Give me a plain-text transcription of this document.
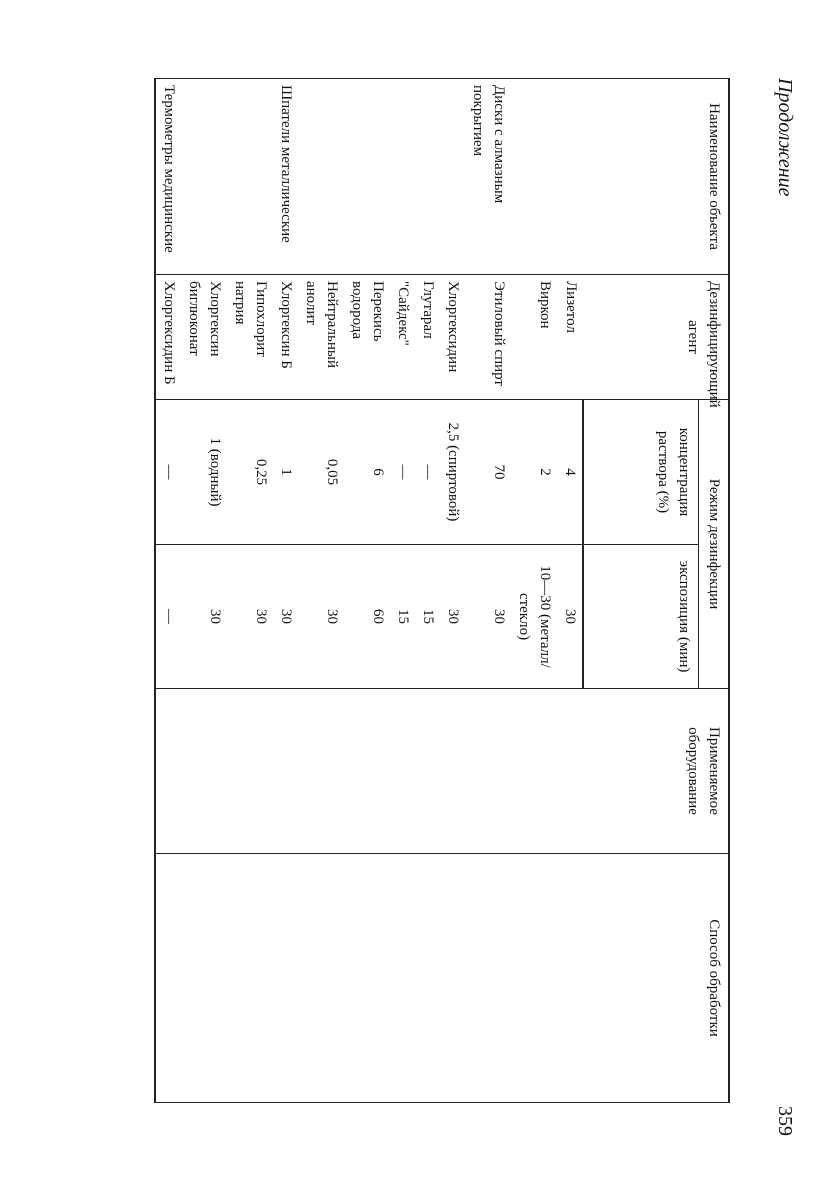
Продолжение
359
Наименование объекта	Дезинфицирующий агент	Режим дезинфекции		Применяемое оборудование	Способ обработки
		концентрация раствора (%)	экспозиция (мин)		
	Лизетол	4	30		
	Виркон	2	10—30 (металл/стекло)		
Диски с алмазным покрытием	Этиловый спирт	70	30		
	Хлоргексидин	2,5 (спиртовой)	30		
	Глутарал	—	15		
	"Сайдекс"	—	15		
	Перекись водорода	6	60		
	Нейтральный анолит	0,05	30		
Шпатели металлические	Хлоргексин Б	1	30		
	Гипохлорит натрия	0,25	30		
	Хлоргексин биглюконат	1 (водный)	30		
Термометры медицинские	Хлоргексидин Б	—	—		
